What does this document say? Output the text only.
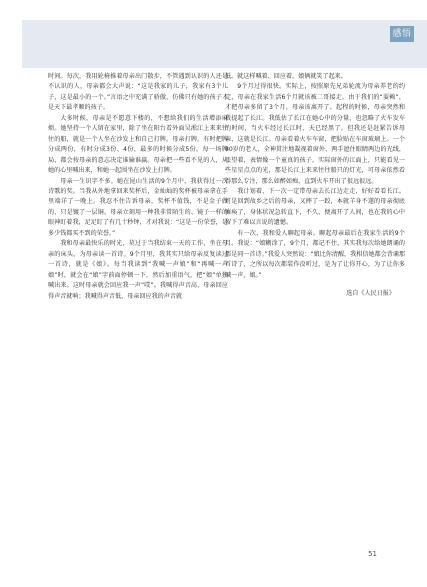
感悟

时间。每次，我用轮椅推着母亲出门散步，不管遇到认识的人还是不认识的人，母亲都会大声说：“这是我家的儿子，我家有3个儿子，这是最小的一个。”言语之中充满了骄傲，仿佛只有她的孩子才是天下最孝顺的孩子。

大多时候，母亲是不愿意下楼的，不想给我们的生活增添麻烦。她坚持一个人留在家里，除了坐在阳台看外面吴淞江上来来往往的船，就是一个人坐在沙发上和自己打牌。母亲打牌，有时把牌分成两份，有时分成3份、4份，最多的时候分成5份。每一场牌局，都会按母亲的意志决定谁输谁赢。母亲把一些看不见的人，从她的心里喊出来，和她一起围坐在沙发上打牌。

母亲一生识字不多。她在昆山生活的9个月中，我获得过一次诗歌的奖。当我从外地拿回来奖杯后，金灿灿的奖杯被母亲拿在手里端详了一晚上。我忍不住告诉母亲，奖杯不值钱，不是金子做的，只是镀了一层铜。母亲立刻用一种我非常陌生的、镜子一样的眼神盯着我，足足盯了有几十秒钟，才对我说：“这是一份荣誉，是多少钱都买不到的荣誉。”

我和母亲最快乐的时光，莫过于当我结束一天的工作，坐在母亲的床头，为母亲读一首诗。9个月里，我其实只给母亲反复读过一首诗，就是《娘》。每当我读到“我喊一声娘”和“再喊一声娘”时，就会在“娘”字前面停顿一下，然后加重语气，把“娘”单独喊出来。这时母亲就会回应我一声“哎”。我喊得声音高，母亲回应得声音就响；我喊得声音低，母亲回应我的声音就

低。就这样喊着、回应着，娘俩就笑了起来。

9个月过得很快。实际上，按照原先兄弟轮流为母亲养老的约定，母亲在我家生活6个月就该被二哥接走。由于我们的“耍赖”，才把母亲多留了3个月。母亲该离开了。起程的时候，母亲突然和我提起了长江。我低估了长江在她心中的分量，也忽略了火车发车的时间，当火车经过长江时，天已经黑了。但我还是赶紧告诉母亲，这就是长江。母亲看着火车车窗，把脸贴在车窗玻璃上。一个80岁的老人，全神贯注地凝视着窗外，两手遮住眼睛两边的光线，张望着，表情像一个童真的孩子。实际窗外的江面上，只能看见一些星星点点的光，那是长江上来来往往船只的灯光，可母亲依然看得那么专注，那么如醉如痴，直到火车开出了很远很远。

我计划着，下一次一定带母亲去长江边走走，好好看看长江。可是回到故乡之后的母亲，又摔了一跤，本就羊身不遂的母亲彻底瘫痪了，身体状况急转直下，不久，便离开了人间，也在我的心中留下了难以言说的遗憾。

有一次，我和爱人聊起母亲。聊起母亲最后在我家生活的9个月。我说：“娘糊涂了，9个月，都记不住，其实我每次给她朗诵的都是同一首诗。”我爱人突然说：“娘比你清醒，我相信她都会背诵那首诗了，之所以每次都装作没听过，是为了让你开心，为了让你多喊一声，娘。”

选自《人民日报》

51
